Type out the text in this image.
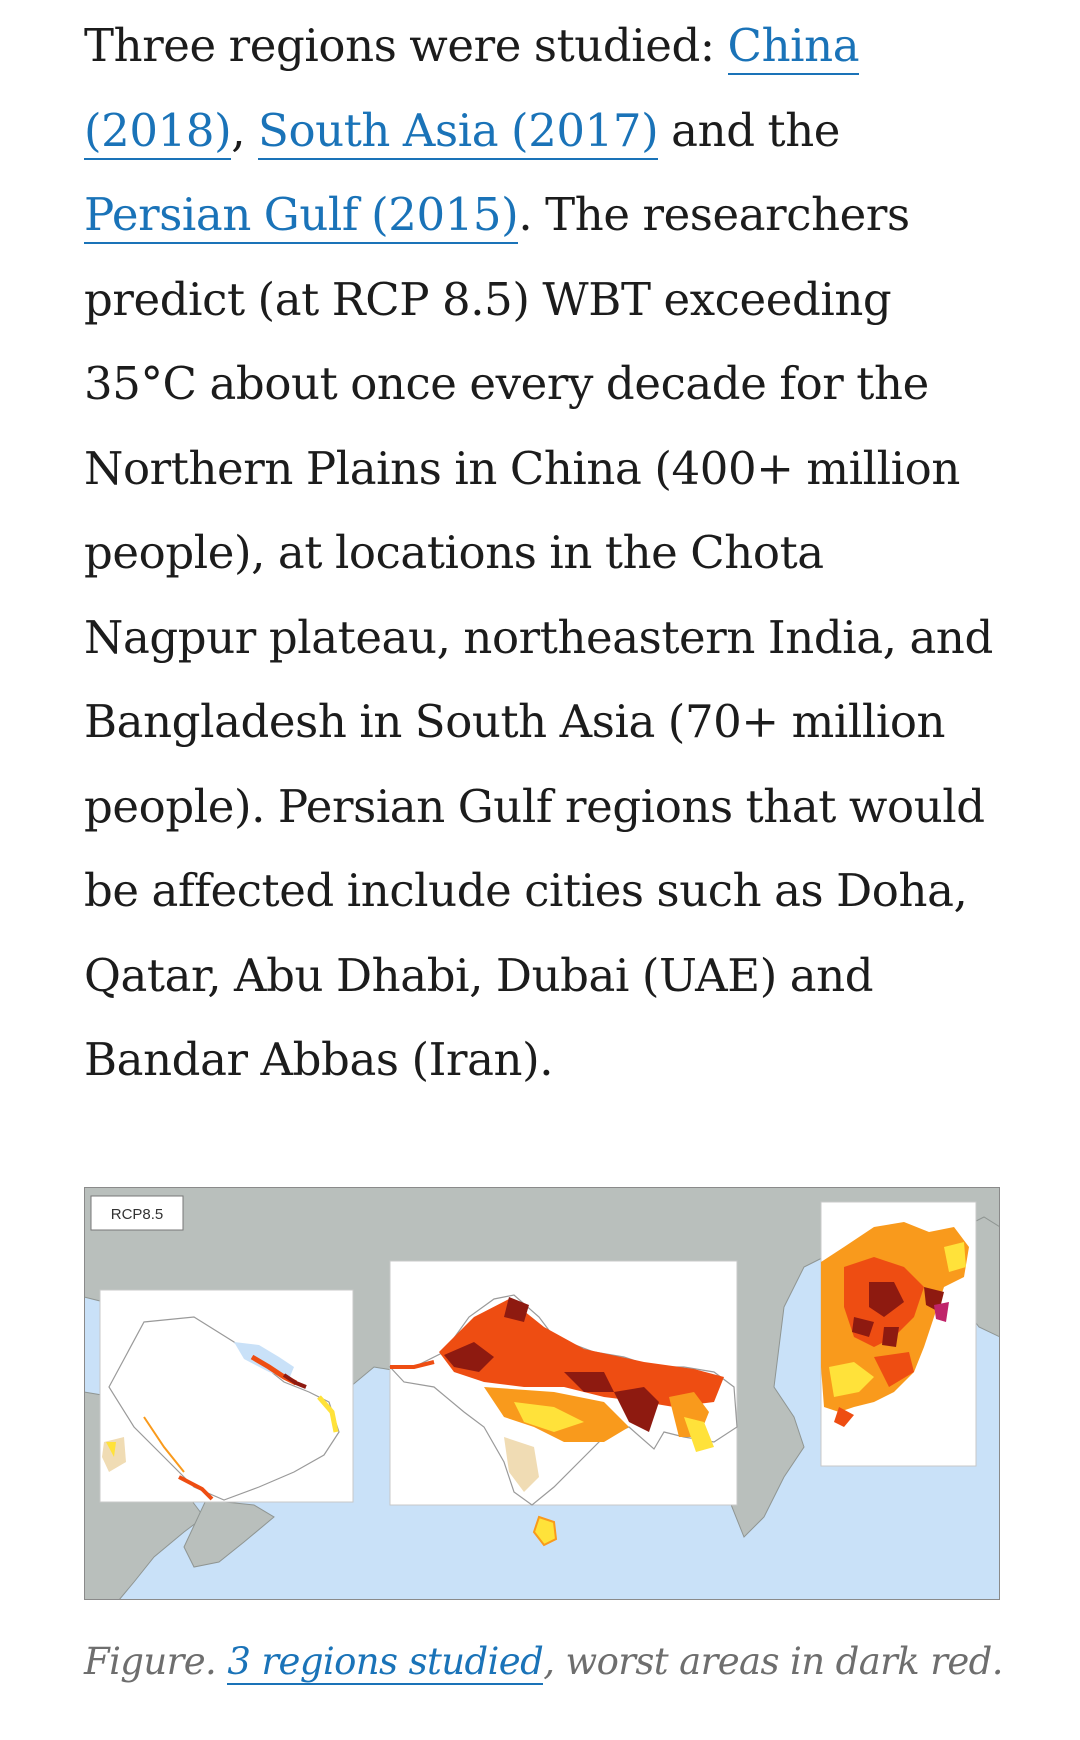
Three regions were studied: China (2018), South Asia (2017) and the Persian Gulf (2015). The researchers predict (at RCP 8.5) WBT exceeding 35°C about once every decade for the Northern Plains in China (400+ million people), at locations in the Chota Nagpur plateau, northeastern India, and Bangladesh in South Asia (70+ million people). Persian Gulf regions that would be affected include cities such as Doha, Qatar, Abu Dhabi, Dubai (UAE) and Bandar Abbas (Iran).

RCP8.5

Figure. 3 regions studied, worst areas in dark red.
